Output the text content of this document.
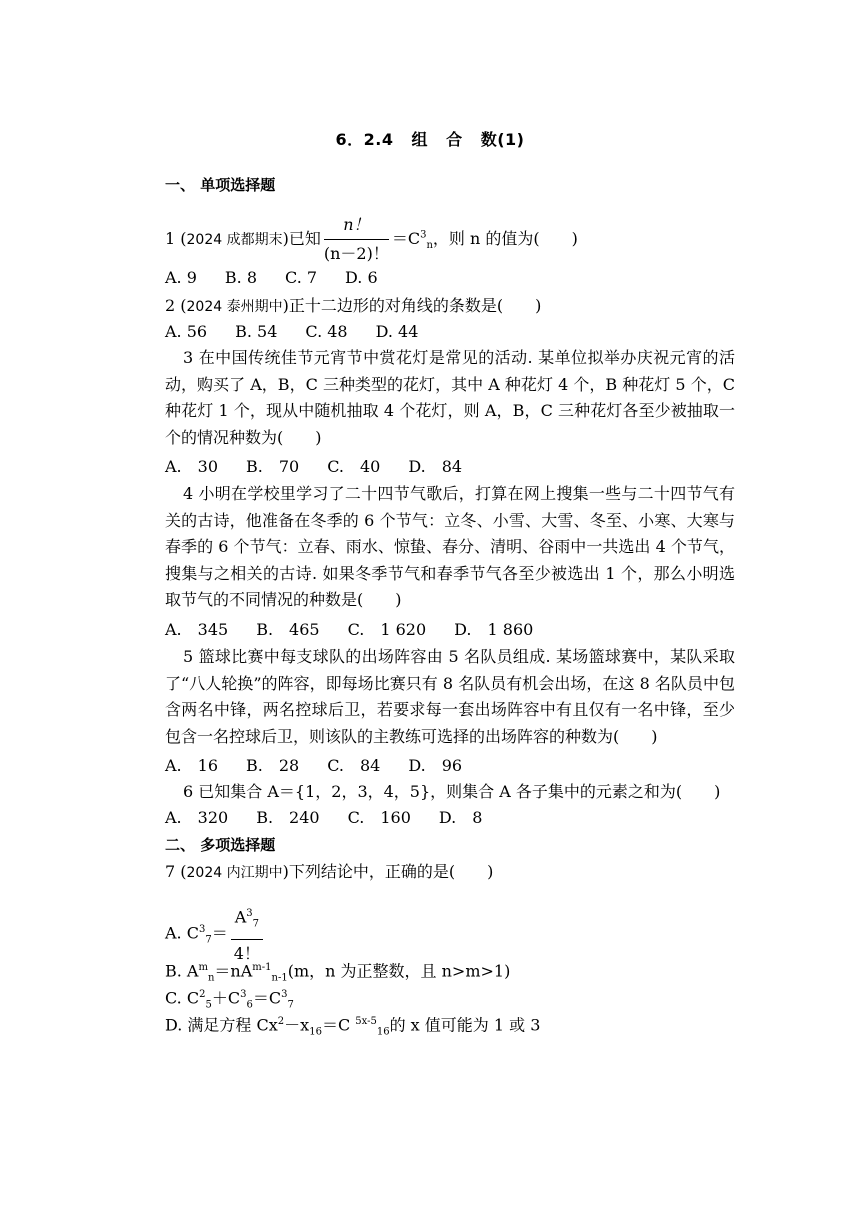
6．2.4 组 合 数(1)
一、 单项选择题
1 (2024 成都期末)已知 $\frac{n!}{(n-2)!} =C^3_n$，则 n 的值为(　　)
A. 9 B. 8 C. 7 D. 6
2 (2024 泰州期中)正十二边形的对角线的条数是(　　)
A. 56 B. 54 C. 48 D. 44
3 在中国传统佳节元宵节中赏花灯是常见的活动. 某单位拟举办庆祝元宵的活动，购买了 A，B，C 三种类型的花灯，其中 A 种花灯 4 个，B 种花灯 5 个，C 种花灯 1 个，现从中随机抽取 4 个花灯，则 A，B，C 三种花灯各至少被抽取一个的情况种数为(　　)
A.　30 B.　70 C.　40 D.　84
4 小明在学校里学习了二十四节气歌后，打算在网上搜集一些与二十四节气有关的古诗，他准备在冬季的 6 个节气：立冬、小雪、大雪、冬至、小寒、大寒与春季的 6 个节气：立春、雨水、惊蛰、春分、清明、谷雨中一共选出 4 个节气，搜集与之相关的古诗. 如果冬季节气和春季节气各至少被选出 1 个，那么小明选取节气的不同情况的种数是(　　)
A.　345 B.　465 C.　1 620 D.　1 860
5 篮球比赛中每支球队的出场阵容由 5 名队员组成. 某场篮球赛中，某队采取了“八人轮换”的阵容，即每场比赛只有 8 名队员有机会出场，在这 8 名队员中包含两名中锋，两名控球后卫，若要求每一套出场阵容中有且仅有一名中锋，至少包含一名控球后卫，则该队的主教练可选择的出场阵容的种数为(　　)
A.　16 B.　28 C.　84 D.　96
6 已知集合 A＝{1，2，3，4，5}，则集合 A 各子集中的元素之和为(　　)
A.　320 B.　240 C.　160 D.　8
二、 多项选择题
7 (2024 内江期中)下列结论中，正确的是(　　)
A. $C^3_7= \frac{A^3_7}{4!}$
B. $A^m_n=nA^{m-1}_{n-1}(m$，n 为正整数，且 n>m>1)
C. $C^2_5+C^3_6=C^3_7$
D. 满足方程 $Cx^2-x_{16}=C$ $^{5x-5}_{16}$的 x 值可能为 1 或 3
